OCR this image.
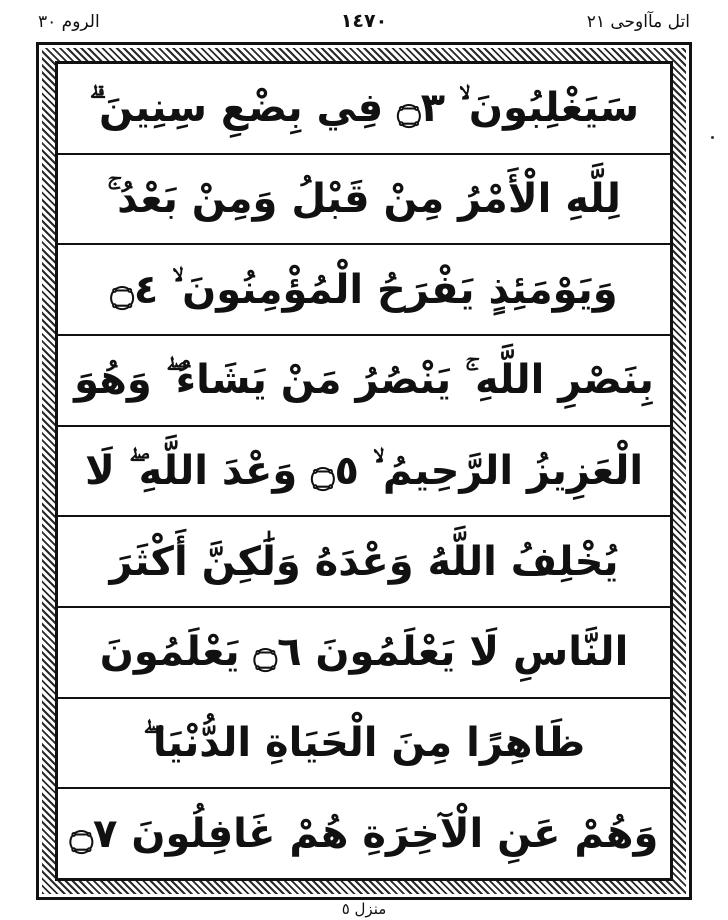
الروم ٣٠	١٤٧٠	اتل مآاوحی ٢١
سَيَغْلِبُونَ ۙ ۝٣ فِي بِضْعِ سِنِينَ ۗ
لِلَّهِ الْأَمْرُ مِنْ قَبْلُ وَمِنْ بَعْدُ ۚ
وَيَوْمَئِذٍ يَفْرَحُ الْمُؤْمِنُونَ ۙ ۝٤
بِنَصْرِ اللَّهِ ۚ يَنْصُرُ مَنْ يَشَاءُ ۖ وَهُوَ
الْعَزِيزُ الرَّحِيمُ ۙ ۝٥ وَعْدَ اللَّهِ ۖ لَا
يُخْلِفُ اللَّهُ وَعْدَهُ وَلَٰكِنَّ أَكْثَرَ
النَّاسِ لَا يَعْلَمُونَ ۝٦ يَعْلَمُونَ
ظَاهِرًا مِنَ الْحَيَاةِ الدُّنْيَا ۖ
وَهُمْ عَنِ الْآخِرَةِ هُمْ غَافِلُونَ ۝٧
منزل ٥
